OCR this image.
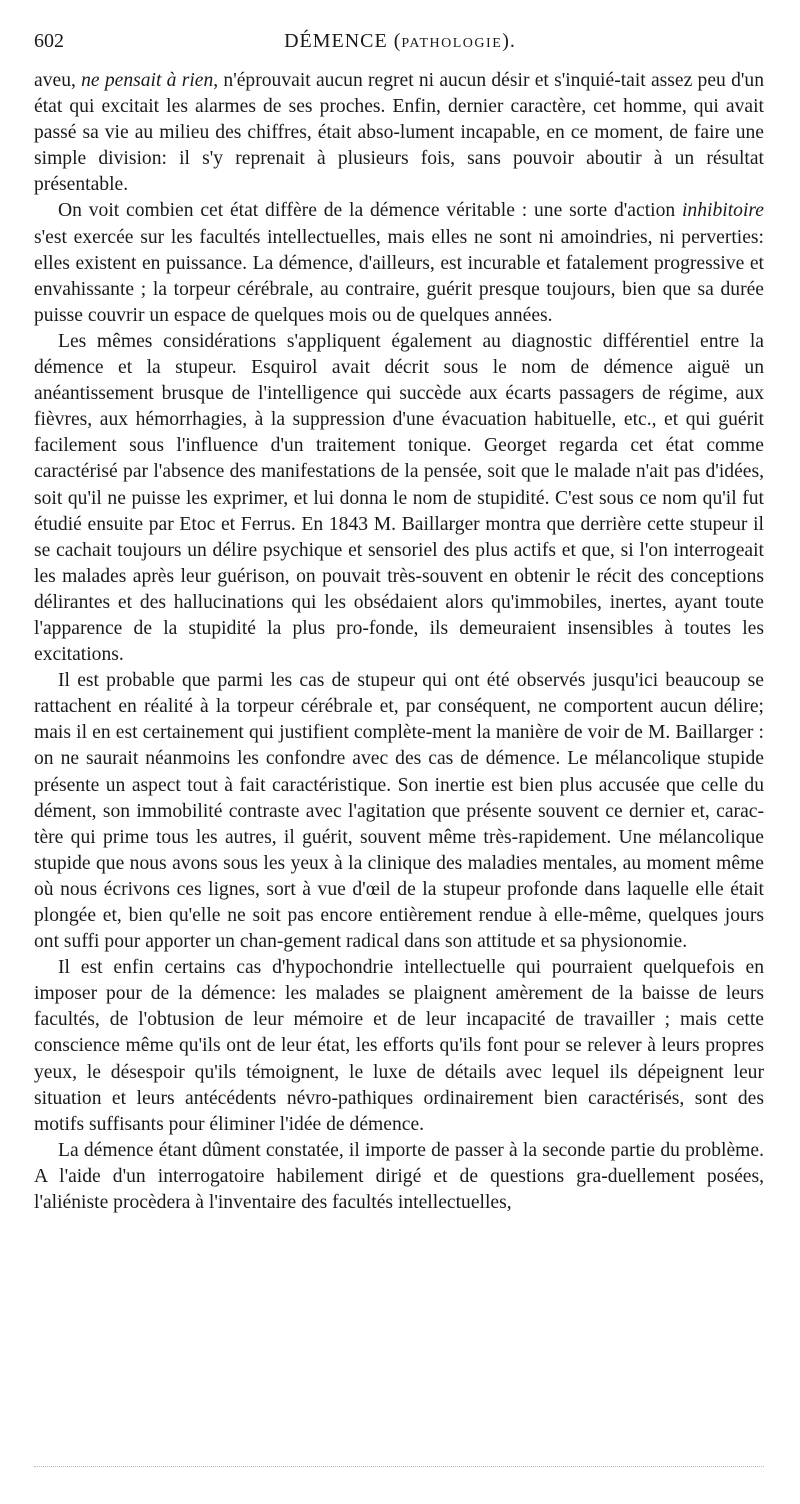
602	DÉMENCE (PATHOLOGIE).

aveu, ne pensait à rien, n'éprouvait aucun regret ni aucun désir et s'inquié-tait assez peu d'un état qui excitait les alarmes de ses proches. Enfin, dernier caractère, cet homme, qui avait passé sa vie au milieu des chiffres, était abso-lument incapable, en ce moment, de faire une simple division: il s'y reprenait à plusieurs fois, sans pouvoir aboutir à un résultat présentable.

On voit combien cet état diffère de la démence véritable : une sorte d'action inhibitoire s'est exercée sur les facultés intellectuelles, mais elles ne sont ni amoindries, ni perverties: elles existent en puissance. La démence, d'ailleurs, est incurable et fatalement progressive et envahissante ; la torpeur cérébrale, au contraire, guérit presque toujours, bien que sa durée puisse couvrir un espace de quelques mois ou de quelques années.

Les mêmes considérations s'appliquent également au diagnostic différentiel entre la démence et la stupeur. Esquirol avait décrit sous le nom de démence aiguë un anéantissement brusque de l'intelligence qui succède aux écarts passagers de régime, aux fièvres, aux hémorrhagies, à la suppression d'une évacuation habituelle, etc., et qui guérit facilement sous l'influence d'un traitement tonique. Georget regarda cet état comme caractérisé par l'absence des manifestations de la pensée, soit que le malade n'ait pas d'idées, soit qu'il ne puisse les exprimer, et lui donna le nom de stupidité. C'est sous ce nom qu'il fut étudié ensuite par Etoc et Ferrus. En 1843 M. Baillarger montra que derrière cette stupeur il se cachait toujours un délire psychique et sensoriel des plus actifs et que, si l'on interrogeait les malades après leur guérison, on pouvait très-souvent en obtenir le récit des conceptions délirantes et des hallucinations qui les obsédaient alors qu'immobiles, inertes, ayant toute l'apparence de la stupidité la plus pro-fonde, ils demeuraient insensibles à toutes les excitations.

Il est probable que parmi les cas de stupeur qui ont été observés jusqu'ici beaucoup se rattachent en réalité à la torpeur cérébrale et, par conséquent, ne comportent aucun délire; mais il en est certainement qui justifient complète-ment la manière de voir de M. Baillarger : on ne saurait néanmoins les confondre avec des cas de démence. Le mélancolique stupide présente un aspect tout à fait caractéristique. Son inertie est bien plus accusée que celle du dément, son immobilité contraste avec l'agitation que présente souvent ce dernier et, carac-tère qui prime tous les autres, il guérit, souvent même très-rapidement. Une mélancolique stupide que nous avons sous les yeux à la clinique des maladies mentales, au moment même où nous écrivons ces lignes, sort à vue d'œil de la stupeur profonde dans laquelle elle était plongée et, bien qu'elle ne soit pas encore entièrement rendue à elle-même, quelques jours ont suffi pour apporter un chan-gement radical dans son attitude et sa physionomie.

Il est enfin certains cas d'hypochondrie intellectuelle qui pourraient quelquefois en imposer pour de la démence: les malades se plaignent amèrement de la baisse de leurs facultés, de l'obtusion de leur mémoire et de leur incapacité de travailler ; mais cette conscience même qu'ils ont de leur état, les efforts qu'ils font pour se relever à leurs propres yeux, le désespoir qu'ils témoignent, le luxe de détails avec lequel ils dépeignent leur situation et leurs antécédents névro-pathiques ordinairement bien caractérisés, sont des motifs suffisants pour éliminer l'idée de démence.

La démence étant dûment constatée, il importe de passer à la seconde partie du problème. A l'aide d'un interrogatoire habilement dirigé et de questions gra-duellement posées, l'aliéniste procèdera à l'inventaire des facultés intellectuelles,
